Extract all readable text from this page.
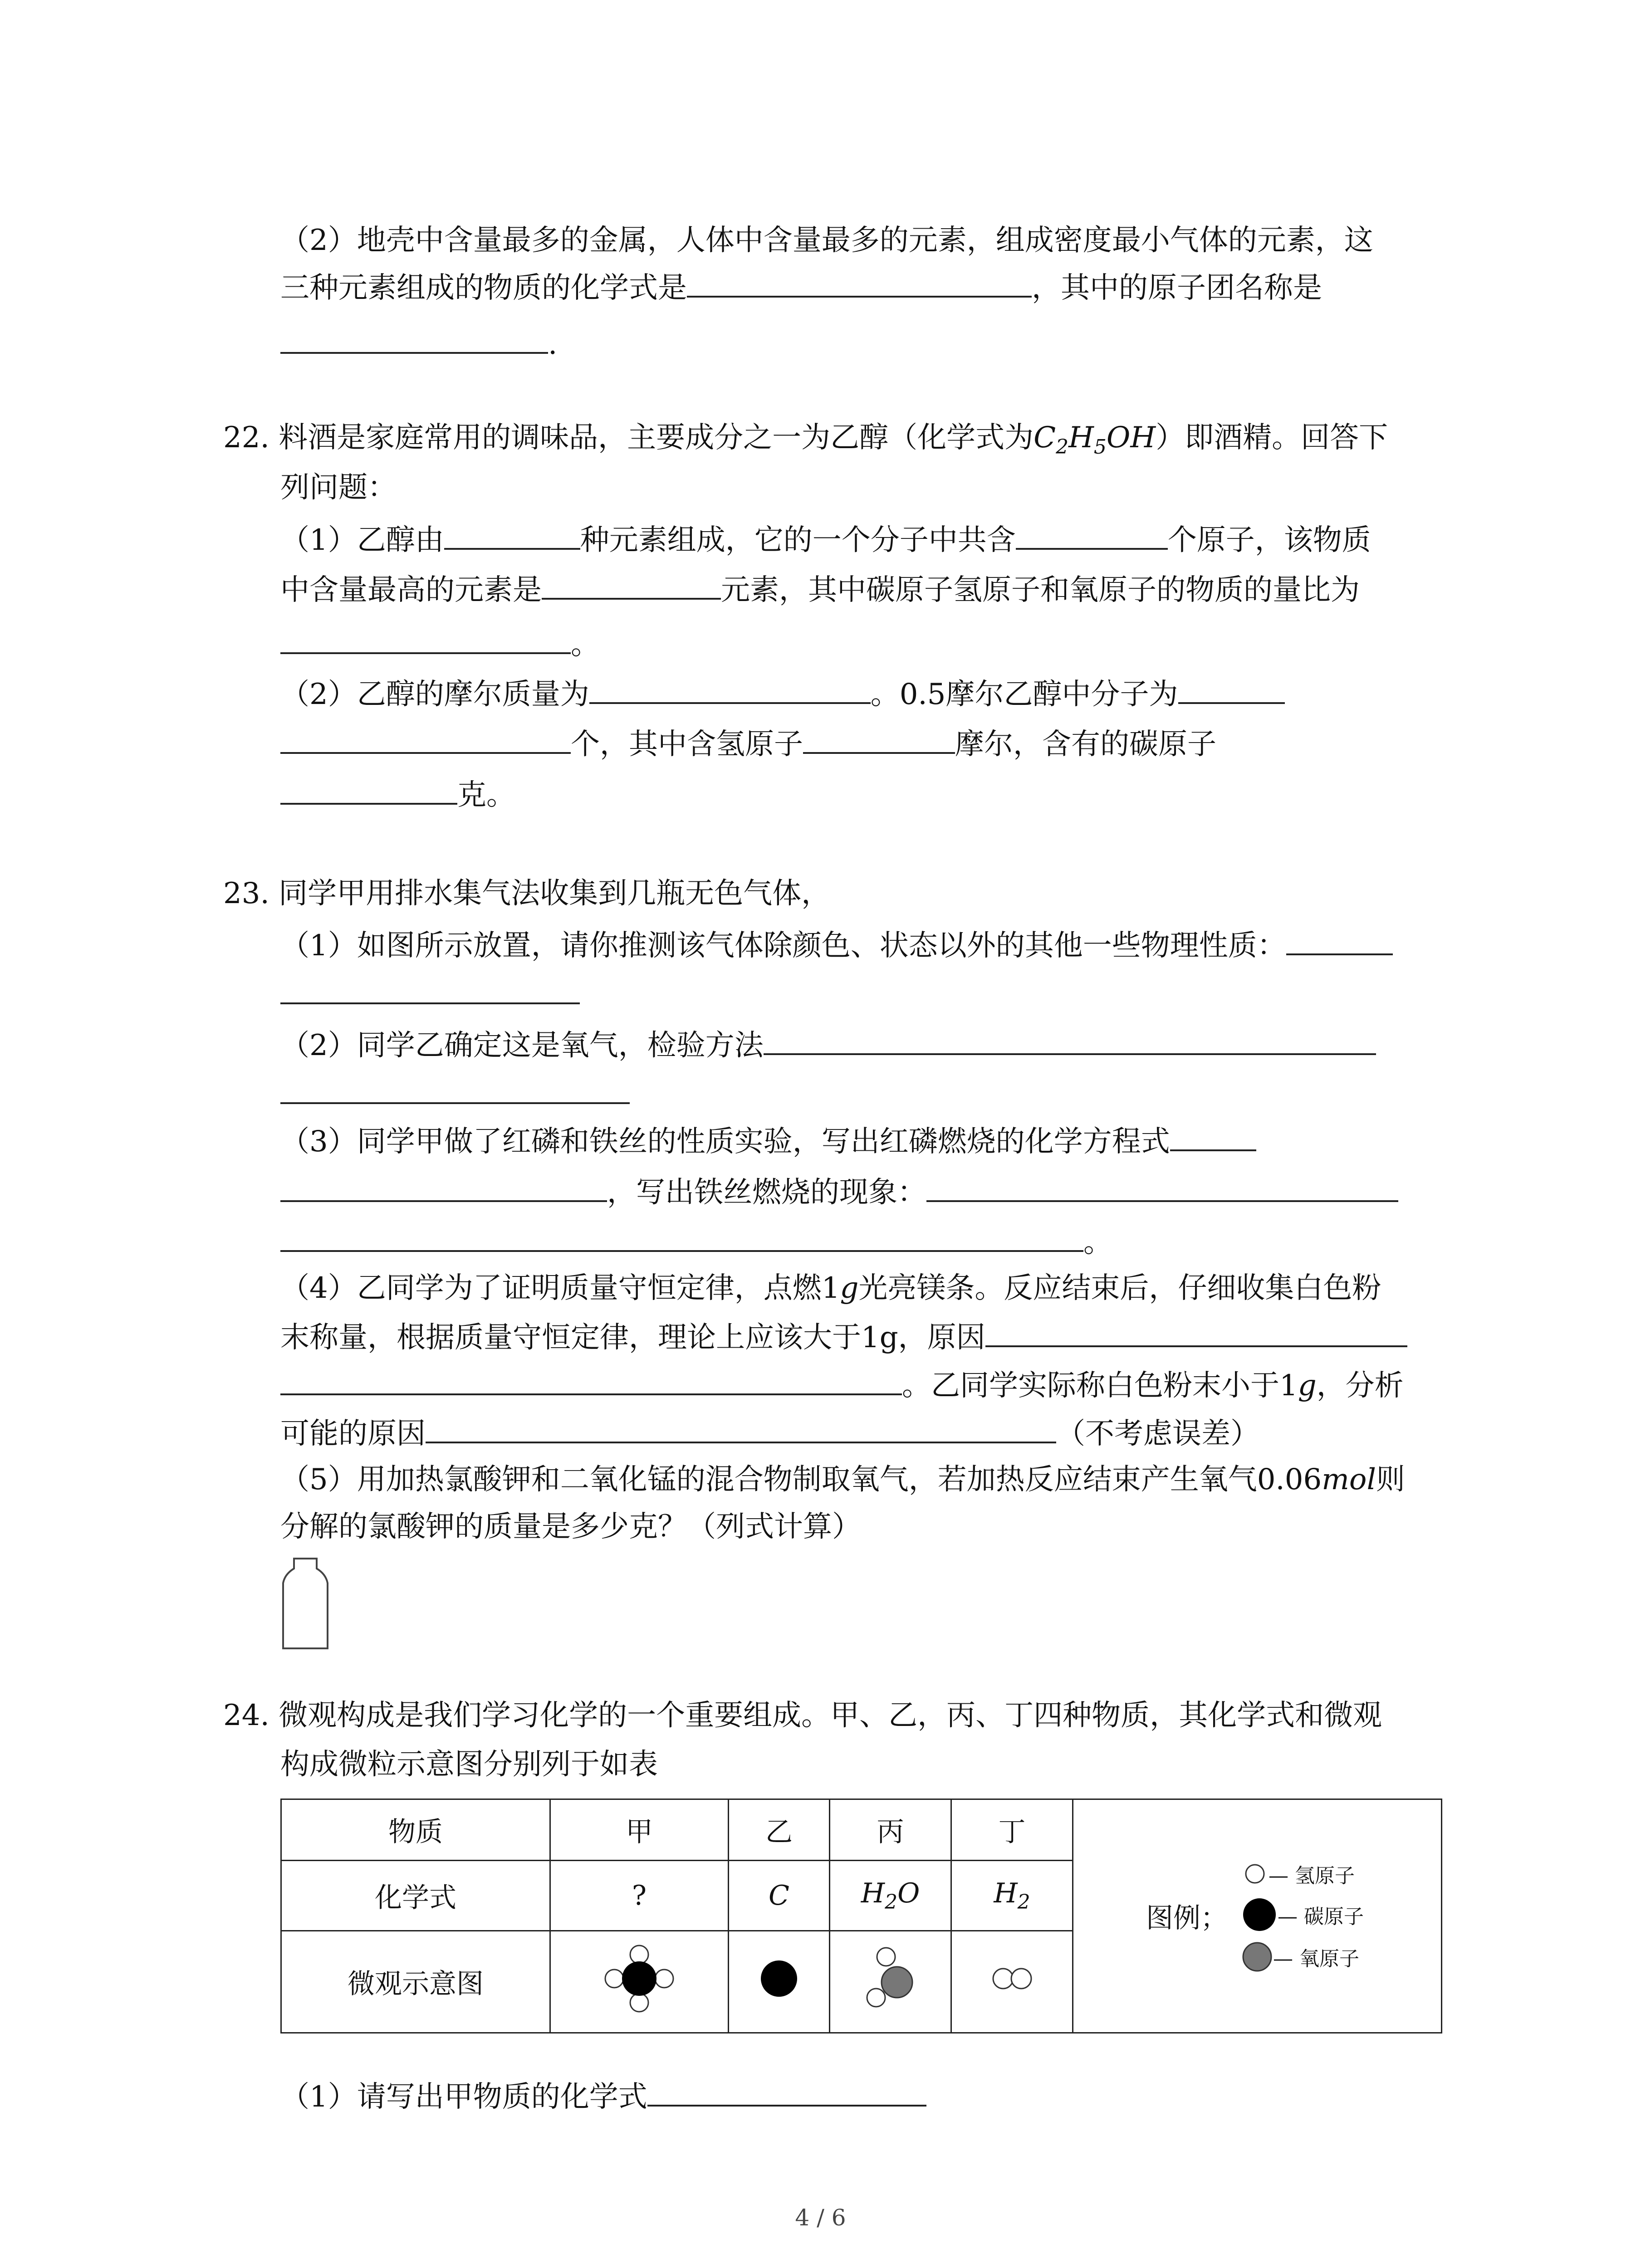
（2）地壳中含量最多的金属，人体中含量最多的元素，组成密度最小气体的元素，这
三种元素组成的物质的化学式是	，其中的原子团名称是
.
22. 料酒是家庭常用的调味品，主要成分之一为乙醇（化学式为$C_2H_5OH$）即酒精。回答下
列问题：
（1）乙醇由	种元素组成，它的一个分子中共含	个原子，该物质
中含量最高的元素是	元素，其中碳原子氢原子和氧原子的物质的量比为
。
（2）乙醇的摩尔质量为	。0.5摩尔乙醇中分子为
个，其中含氢原子	摩尔，含有的碳原子
克。
23. 同学甲用排水集气法收集到几瓶无色气体，
（1）如图所示放置，请你推测该气体除颜色、状态以外的其他一些物理性质：
（2）同学乙确定这是氧气，检验方法
（3）同学甲做了红磷和铁丝的性质实验，写出红磷燃烧的化学方程式
，写出铁丝燃烧的现象：
。
（4）乙同学为了证明质量守恒定律，点燃1g光亮镁条。反应结束后，仔细收集白色粉
末称量，根据质量守恒定律，理论上应该大于1g，原因
。乙同学实际称白色粉末小于1g，分析
可能的原因	（不考虑误差）
（5）用加热氯酸钾和二氧化锰的混合物制取氧气，若加热反应结束产生氧气0.06mol则
分解的氯酸钾的质量是多少克？（列式计算）
24. 微观构成是我们学习化学的一个重要组成。甲、乙，丙、丁四种物质，其化学式和微观
构成微粒示意图分别列于如表
物质	甲	乙	丙	丁	图例；
— 氢原子
— 碳原子
— 氧原子

化学式	?	C	$H_2O$	$H_2$
微观示意图				
（1）请写出甲物质的化学式
4 / 6
